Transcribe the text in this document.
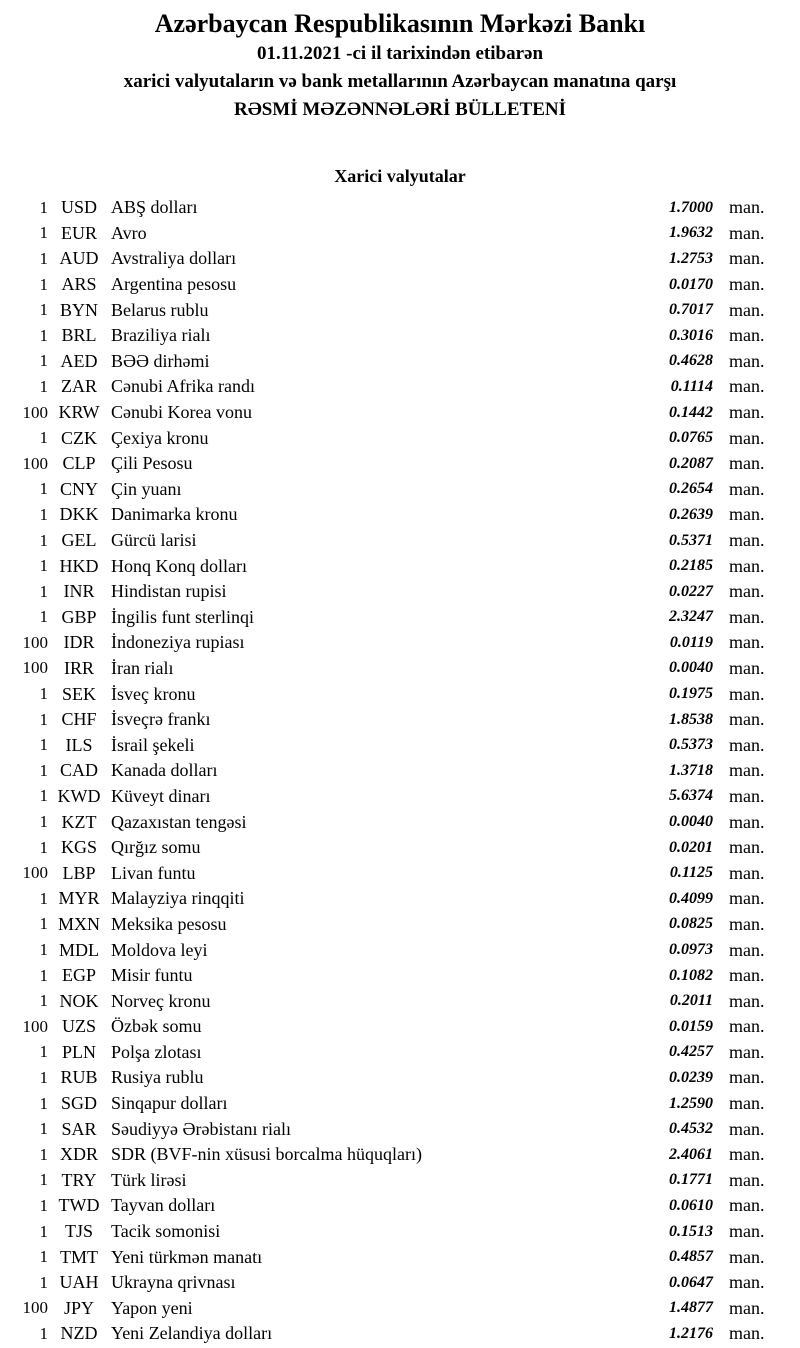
Azərbaycan Respublikasının Mərkəzi Bankı
01.11.2021 -ci il tarixindən etibarən
xarici valyutaların və bank metallarının Azərbaycan manatına qarşı
RƏSMİ MƏZƏNNƏLƏRİ BÜLLETENİ
Xarici valyutalar
1 USD ABŞ dolları	1.7000 man.
1 EUR Avro	1.9632 man.
1 AUD Avstraliya dolları	1.2753 man.
1 ARS Argentina pesosu	0.0170 man.
1 BYN Belarus rublu	0.7017 man.
1 BRL Braziliya rialı	0.3016 man.
1 AED BƏƏ dirhəmi	0.4628 man.
1 ZAR Cənubi Afrika randı	0.1114 man.
100 KRW Cənubi Korea vonu	0.1442 man.
1 CZK Çexiya kronu	0.0765 man.
100 CLP Çili Pesosu	0.2087 man.
1 CNY Çin yuanı	0.2654 man.
1 DKK Danimarka kronu	0.2639 man.
1 GEL Gürcü larisi	0.5371 man.
1 HKD Honq Konq dolları	0.2185 man.
1 INR Hindistan rupisi	0.0227 man.
1 GBP İngilis funt sterlinqi	2.3247 man.
100 IDR İndoneziya rupiası	0.0119 man.
100 IRR İran rialı	0.0040 man.
1 SEK İsveç kronu	0.1975 man.
1 CHF İsveçrə frankı	1.8538 man.
1 ILS	İsrail şekeli	0.5373 man.
1 CAD Kanada dolları	1.3718 man.
1 KWD Küveyt dinarı	5.6374 man.
1 KZT Qazaxıstan tengəsi	0.0040 man.
1 KGS Qırğız somu	0.0201 man.
100 LBP Livan funtu	0.1125 man.
1 MYR Malayziya rinqqiti	0.4099 man.
1 MXN Meksika pesosu	0.0825 man.
1 MDL Moldova leyi	0.0973 man.
1 EGP Misir funtu	0.1082 man.
1 NOK Norveç kronu	0.2011 man.
100 UZS Özbək somu	0.0159 man.
1 PLN Polşa zlotası	0.4257 man.
1 RUB Rusiya rublu	0.0239 man.
1 SGD Sinqapur dolları	1.2590 man.
1 SAR Səudiyyə Ərəbistanı rialı	0.4532 man.
1 XDR SDR (BVF-nin xüsusi borcalma hüquqları)	2.4061 man.
1 TRY Türk lirəsi	0.1771 man.
1 TWD Tayvan dolları	0.0610 man.
1 TJS	Tacik somonisi	0.1513 man.
1 TMT Yeni türkmən manatı	0.4857 man.
1 UAH Ukrayna qrivnası	0.0647 man.
100 JPY Yapon yeni	1.4877 man.
1 NZD Yeni Zelandiya dolları	1.2176 man.
